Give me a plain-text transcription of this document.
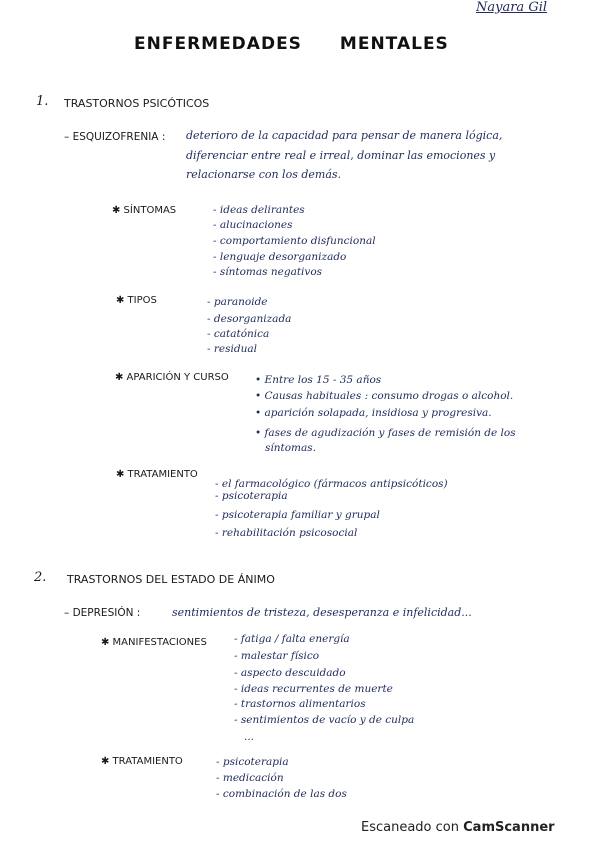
Nayara Gil
ENFERMEDADES MENTALES
1. TRASTORNOS PSICÓTICOS
– ESQUIZOFRENIA : deterioro de la capacidad para pensar de manera lógica,
diferenciar entre real e irreal, dominar las emociones y
relacionarse con los demás.
✱ SÍNTOMAS	- ideas delirantes
- alucinaciones
- comportamiento disfuncional
- lenguaje desorganizado
- síntomas negativos
✱ TIPOS	- paranoide
- desorganizada
- catatónica
- residual
✱ APARICIÓN Y CURSO	• Entre los 15 - 35 años
• Causas habituales : consumo drogas o alcohol.
• aparición solapada, insidiosa y progresiva.
• fases de agudización y fases de remisión de los
síntomas.
✱ TRATAMIENTO
- el farmacológico (fármacos antipsicóticos)
- psicoterapia
- psicoterapia familiar y grupal
- rehabilitación psicosocial
2. TRASTORNOS DEL ESTADO DE ÁNIMO
– DEPRESIÓN :	sentimientos de tristeza, desesperanza e infelicidad...
✱ MANIFESTACIONES	- fatiga / falta energía
- malestar físico
- aspecto descuidado
- ideas recurrentes de muerte
- trastornos alimentarios
- sentimientos de vacío y de culpa
...
✱ TRATAMIENTO	- psicoterapia
- medicación
- combinación de las dos
Escaneado con CamScanner
